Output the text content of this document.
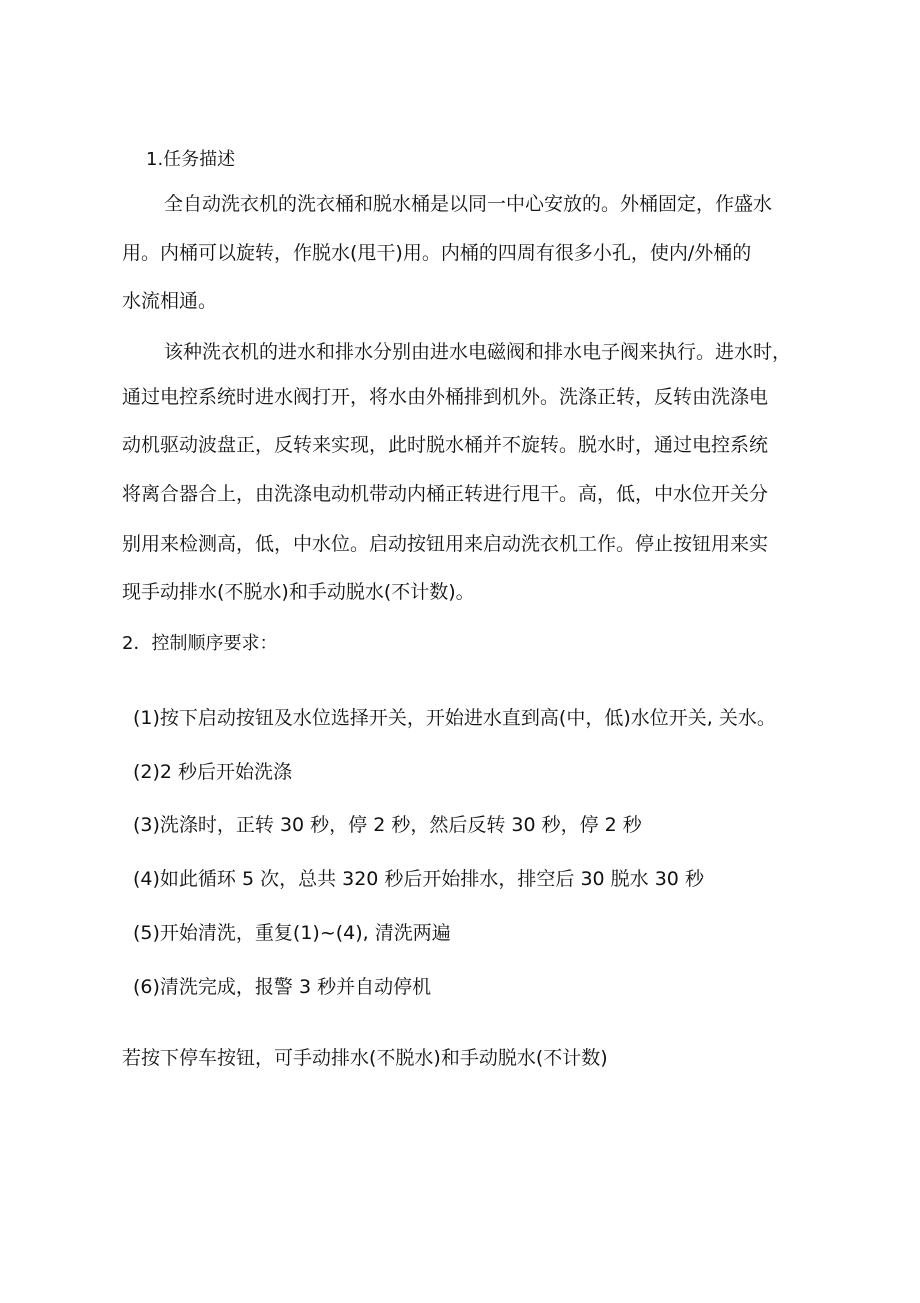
1.任务描述
全自动洗衣机的洗衣桶和脱水桶是以同一中心安放的。外桶固定，作盛水
用。内桶可以旋转，作脱水(甩干)用。内桶的四周有很多小孔，使内/外桶的
水流相通。
该种洗衣机的进水和排水分别由进水电磁阀和排水电子阀来执行。进水时，
通过电控系统时进水阀打开，将水由外桶排到机外。洗涤正转，反转由洗涤电
动机驱动波盘正，反转来实现，此时脱水桶并不旋转。脱水时，通过电控系统
将离合器合上，由洗涤电动机带动内桶正转进行甩干。高，低，中水位开关分
别用来检测高，低，中水位。启动按钮用来启动洗衣机工作。停止按钮用来实
现手动排水(不脱水)和手动脱水(不计数)。
2．控制顺序要求：
(1)按下启动按钮及水位选择开关，开始进水直到高(中，低)水位开关, 关水。
(2)2 秒后开始洗涤
(3)洗涤时，正转 30 秒，停 2 秒，然后反转 30 秒，停 2 秒
(4)如此循环 5 次，总共 320 秒后开始排水，排空后 30 脱水 30 秒
(5)开始清洗，重复(1)~(4), 清洗两遍
(6)清洗完成，报警 3 秒并自动停机
若按下停车按钮，可手动排水(不脱水)和手动脱水(不计数)
